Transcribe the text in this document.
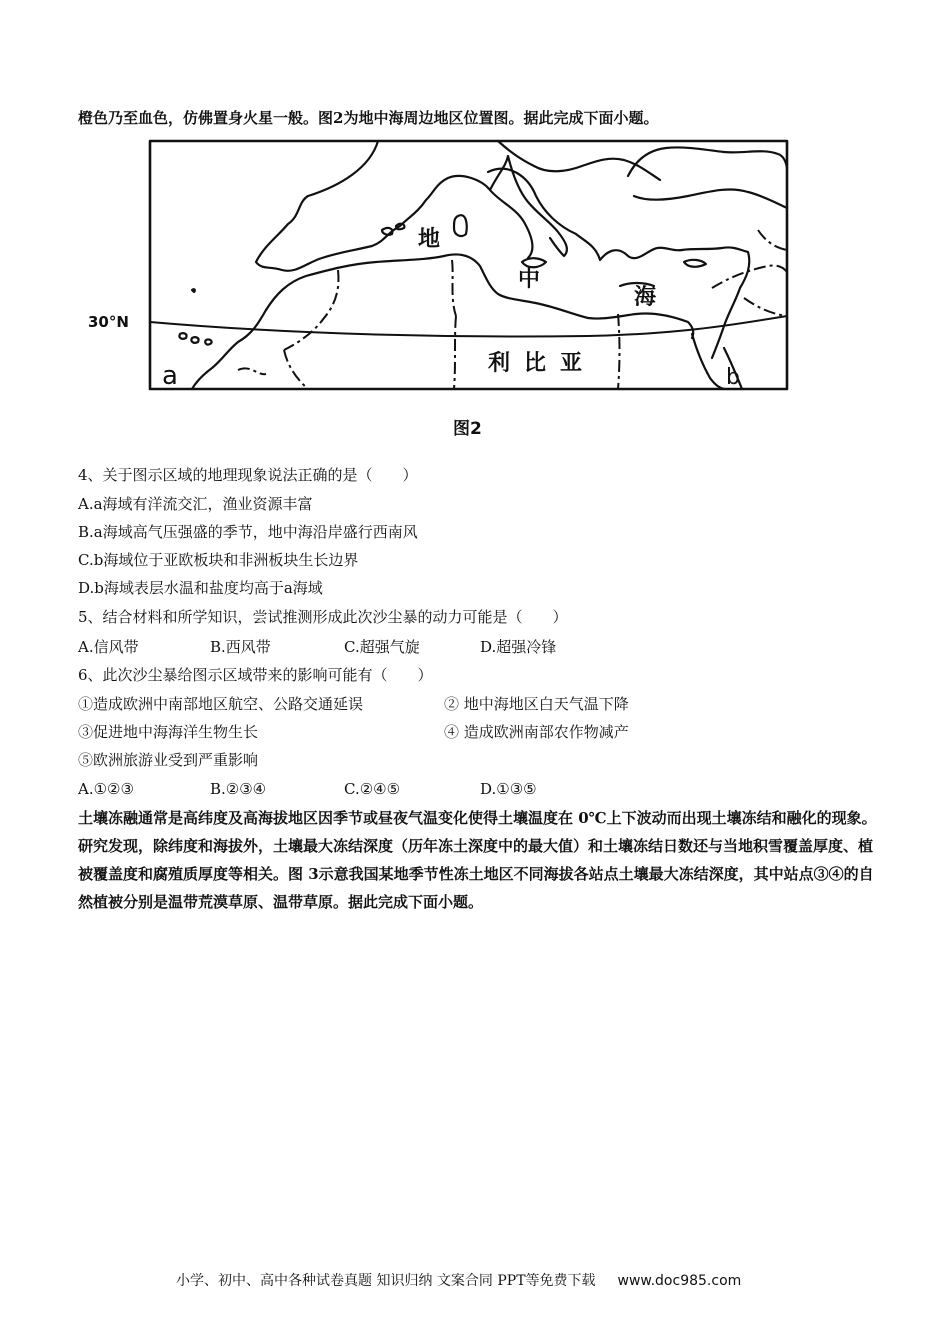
橙色乃至血色，仿佛置身火星一般。图2为地中海周边地区位置图。据此完成下面小题。
30°N
地
中
海
利比亚
a	b
图2
4、关于图示区域的地理现象说法正确的是（　　）
A.a海域有洋流交汇，渔业资源丰富
B.a海域高气压强盛的季节，地中海沿岸盛行西南风
C.b海域位于亚欧板块和非洲板块生长边界
D.b海域表层水温和盐度均高于a海域
5、结合材料和所学知识，尝试推测形成此次沙尘暴的动力可能是（　　）
A.信风带	B.西风带	C.超强气旋	D.超强冷锋
6、此次沙尘暴给图示区域带来的影响可能有（　　）
①造成欧洲中南部地区航空、公路交通延误	② 地中海地区白天气温下降
③促进地中海海洋生物生长	④ 造成欧洲南部农作物减产
⑤欧洲旅游业受到严重影响
A.①②③	B.②③④	C.②④⑤	D.①③⑤
土壤冻融通常是高纬度及高海拔地区因季节或昼夜气温变化使得土壤温度在 0℃上下波动而出现土壤冻结和融化的现象。研究发现，除纬度和海拔外，土壤最大冻结深度（历年冻土深度中的最大值）和土壤冻结日数还与当地积雪覆盖厚度、植被覆盖度和腐殖质厚度等相关。图 3示意我国某地季节性冻土地区不同海拔各站点土壤最大冻结深度，其中站点③④的自然植被分别是温带荒漠草原、温带草原。据此完成下面小题。
小学、初中、高中各种试卷真题 知识归纳 文案合同 PPT等免费下载 www.doc985.com
